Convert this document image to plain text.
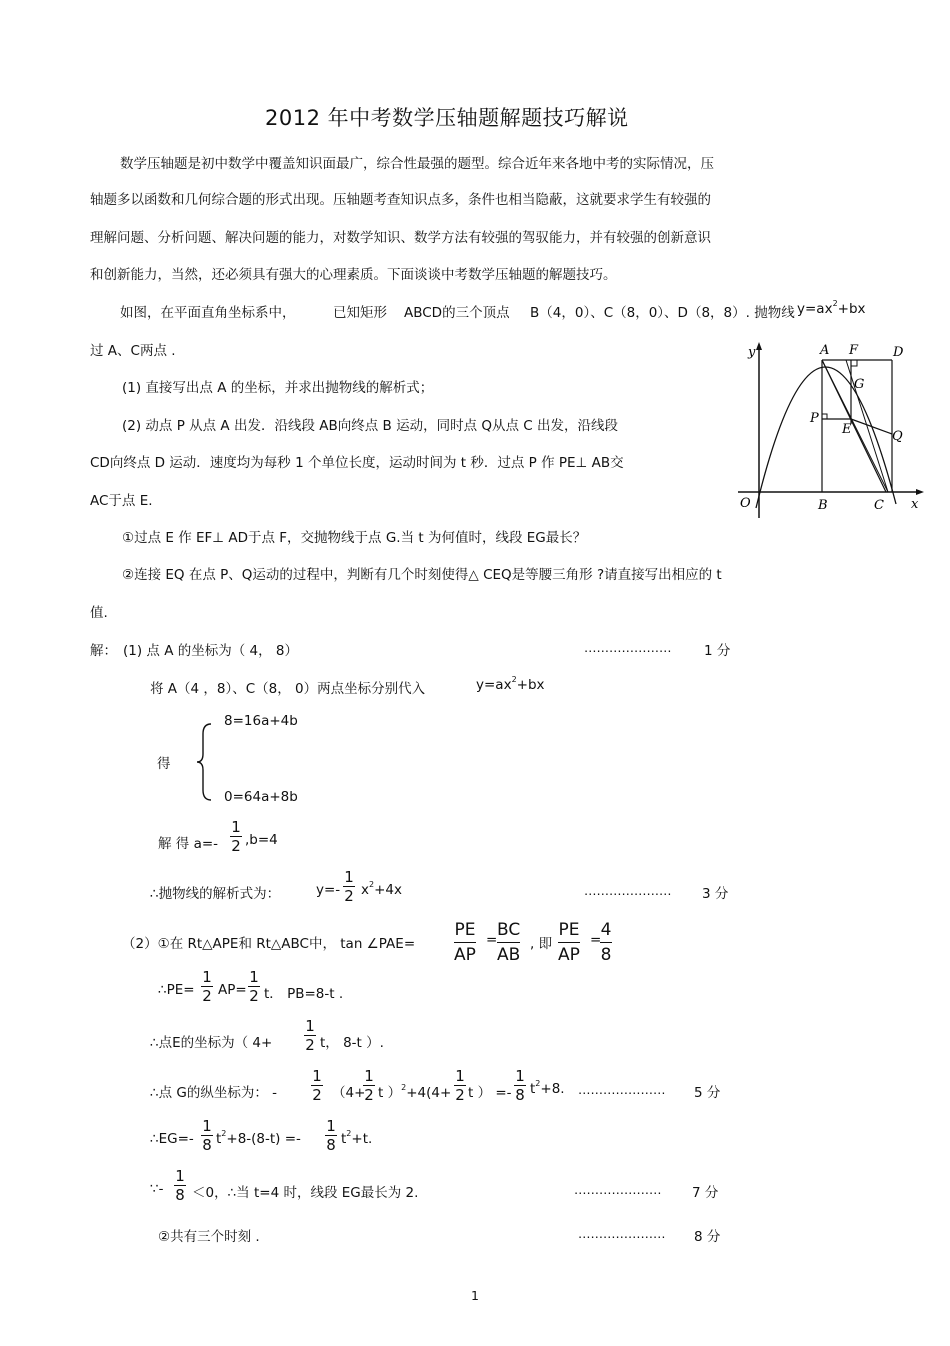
2012 年中考数学压轴题解题技巧解说
数学压轴题是初中数学中覆盖知识面最广，综合性最强的题型。综合近年来各地中考的实际情况，压
轴题多以函数和几何综合题的形式出现。压轴题考查知识点多，条件也相当隐蔽，这就要求学生有较强的
理解问题、分析问题、解决问题的能力，对数学知识、数学方法有较强的驾驭能力，并有较强的创新意识
和创新能力，当然，还必须具有强大的心理素质。下面谈谈中考数学压轴题的解题技巧。
如图，在平面直角坐标系中，	已知矩形 ABCD的三个顶点 B（4，0）、C（8，0）、D（8，8）. 抛物线 $y=ax^2+bx$
过 A、C两点 .
(1) 直接写出点 A 的坐标，并求出抛物线的解析式；
(2) 动点 P 从点 A 出发．沿线段 AB向终点 B 运动，同时点 Q从点 C 出发，沿线段
CD向终点 D 运动．速度均为每秒 1 个单位长度，运动时间为 t 秒．过点 P 作 PE⊥ AB交
AC于点 E.
①过点 E 作 EF⊥ AD于点 F，交抛物线于点 G.当 t 为何值时，线段 EG最长？
②连接 EQ 在点 P、Q运动的过程中，判断有几个时刻使得△ CEQ是等腰三角形 ?请直接写出相应的 t
值.
y
x
O
A F	D
G
P
E	Q
B	C
解： (1) 点 A 的坐标为（ 4， 8）	………………… 1 分
将 A（4 ，8）、C（8， 0）两点坐标分别代入	$y=ax^2+bx$
得
8=16a+4b
0=64a+8b
解 得 a=-
1
2 ,b=4
∴抛物线的解析式为：	y=-
1
2 $x^2+4x$	………………… 3 分
（2）①在 Rt△APE和 Rt△ABC中， tan ∠PAE=
PE
AP
= BC
AB
, 即
PE
AP
= 4
8
∴PE=
1
2 AP=
1
2 t． PB=8-t .
∴点E的坐标为（ 4+
1
2 t， 8-t ）.
∴点 G的纵坐标为： -
1
2 （4+
1
2 t ）$^2$+4(4+
1
2 t ） =-
1
8 $t^2+8$. ………………… 5 分
∴EG=-
1
8 $t^2+8-(8-t)$ =-
1
8 $t^2+t$.
∵-
1
8 ＜0，∴当 t=4 时，线段 EG最长为 2.	………………… 7 分
②共有三个时刻 .	………………… 8 分
1
